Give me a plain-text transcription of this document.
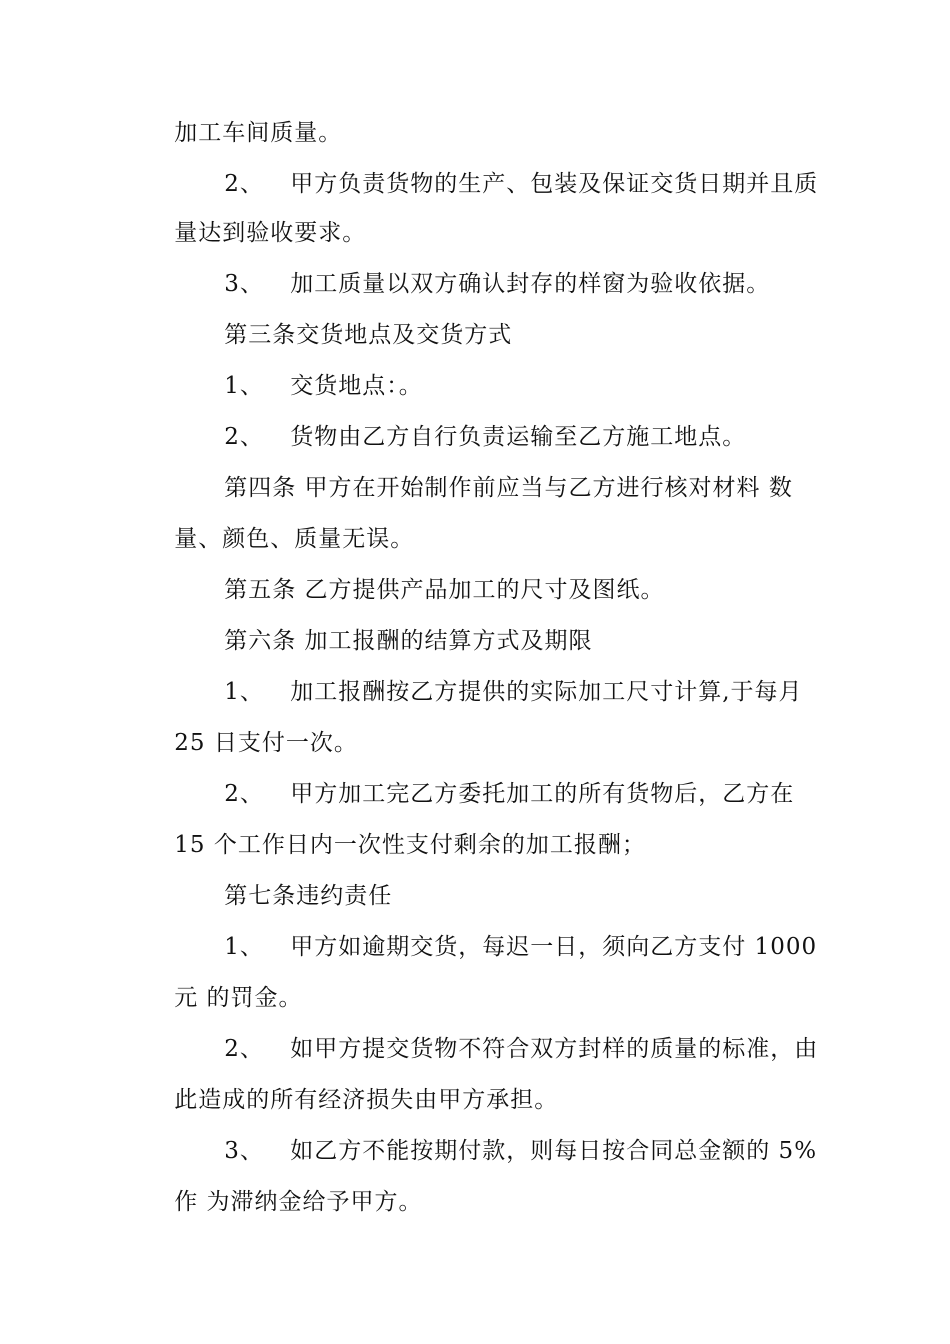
加工车间质量。

2、 甲方负责货物的生产、包装及保证交货日期并且质

量达到验收要求。

3、 加工质量以双方确认封存的样窗为验收依据。

第三条交货地点及交货方式

1、 交货地点：。

2、 货物由乙方自行负责运输至乙方施工地点。

第四条 甲方在开始制作前应当与乙方进行核对材料 数

量、颜色、质量无误。

第五条 乙方提供产品加工的尺寸及图纸。

第六条 加工报酬的结算方式及期限

1、 加工报酬按乙方提供的实际加工尺寸计算,于每月

25 日支付一次。

2、 甲方加工完乙方委托加工的所有货物后，乙方在

15 个工作日内一次性支付剩余的加工报酬；

第七条违约责任

1、 甲方如逾期交货，每迟一日，须向乙方支付 1000

元 的罚金。

2、 如甲方提交货物不符合双方封样的质量的标准，由

此造成的所有经济损失由甲方承担。

3、 如乙方不能按期付款，则每日按合同总金额的 5%

作 为滞纳金给予甲方。
